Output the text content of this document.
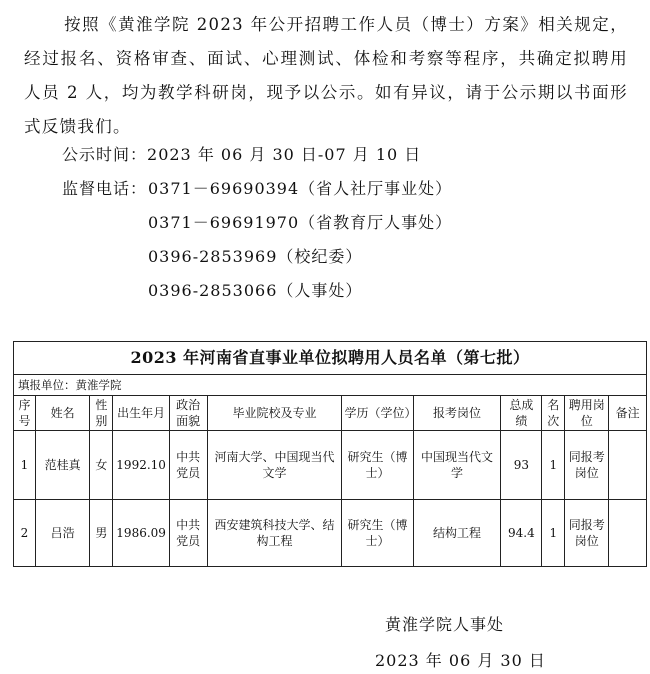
按照《黄淮学院 2023 年公开招聘工作人员（博士）方案》相关规定，经过报名、资格审查、面试、心理测试、体检和考察等程序，共确定拟聘用人员 2 人，均为教学科研岗，现予以公示。如有异议，请于公示期以书面形式反馈我们。
公示时间：2023 年 06 月 30 日-07 月 10 日
监督电话：0371－69690394（省人社厅事业处）
0371－69691970（省教育厅人事处）
0396-2853969（校纪委）
0396-2853066（人事处）
2023 年河南省直事业单位拟聘用人员名单（第七批）											
填报单位：黄淮学院											
序号	姓名	性别	出生年月	政治面貌	毕业院校及专业	学历（学位）	报考岗位	总成绩	名次	聘用岗位	备注
1	范桂真	女	1992.10	中共党员	河南大学、中国现当代文学	研究生（博士）	中国现当代文学	93	1	同报考岗位	
2	吕浩	男	1986.09	中共党员	西安建筑科技大学、结构工程	研究生（博士）	结构工程	94.4	1	同报考岗位	
黄淮学院人事处
2023 年 06 月 30 日
